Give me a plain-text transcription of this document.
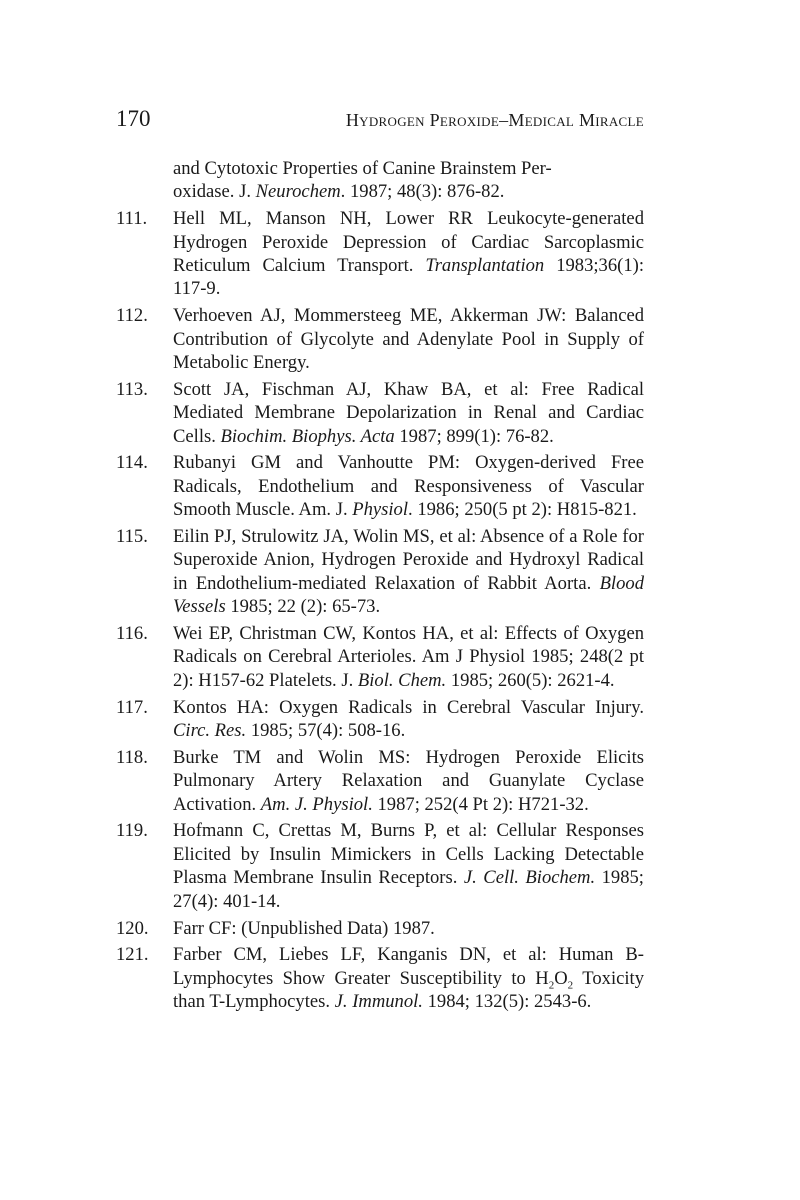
170	Hydrogen Peroxide–Medical Miracle
and Cytotoxic Properties of Canine Brainstem Per-
oxidase. J. Neurochem. 1987; 48(3): 876-82.
111.	Hell ML, Manson NH, Lower RR Leukocyte-generated Hydrogen Peroxide Depression of Cardiac Sarcoplasmic Reticulum Calcium Transport. Transplantation 1983;36(1): 117-9.
112.	Verhoeven AJ, Mommersteeg ME, Akkerman JW: Balanced Contribution of Glycolyte and Adenylate Pool in Supply of Metabolic Energy.
113.	Scott JA, Fischman AJ, Khaw BA, et al: Free Radical Mediated Membrane Depolarization in Renal and Cardiac Cells. Biochim. Biophys. Acta 1987; 899(1): 76-82.
114.	Rubanyi GM and Vanhoutte PM: Oxygen-derived Free Radicals, Endothelium and Responsiveness of Vascular Smooth Muscle. Am. J. Physiol. 1986; 250(5 pt 2): H815-821.
115.	Eilin PJ, Strulowitz JA, Wolin MS, et al: Absence of a Role for Superoxide Anion, Hydrogen Peroxide and Hydroxyl Radical in Endothelium-mediated Relaxation of Rabbit Aorta. Blood Vessels 1985; 22 (2): 65-73.
116.	Wei EP, Christman CW, Kontos HA, et al: Effects of Oxygen Radicals on Cerebral Arterioles. Am J Physiol 1985; 248(2 pt 2): H157-62 Platelets. J. Biol. Chem. 1985; 260(5): 2621-4.
117.	Kontos HA: Oxygen Radicals in Cerebral Vascular Injury. Circ. Res. 1985; 57(4): 508-16.
118.	Burke TM and Wolin MS: Hydrogen Peroxide Elicits Pulmonary Artery Relaxation and Guanylate Cyclase Activation. Am. J. Physiol. 1987; 252(4 Pt 2): H721-32.
119.	Hofmann C, Crettas M, Burns P, et al: Cellular Responses Elicited by Insulin Mimickers in Cells Lacking Detectable Plasma Membrane Insulin Receptors. J. Cell. Biochem. 1985; 27(4): 401-14.
120.	Farr CF: (Unpublished Data) 1987.
121.	Farber CM, Liebes LF, Kanganis DN, et al: Human B-Lymphocytes Show Greater Susceptibility to $H_2O_2$ Toxicity than T-Lymphocytes. J. Immunol. 1984; 132(5): 2543-6.
